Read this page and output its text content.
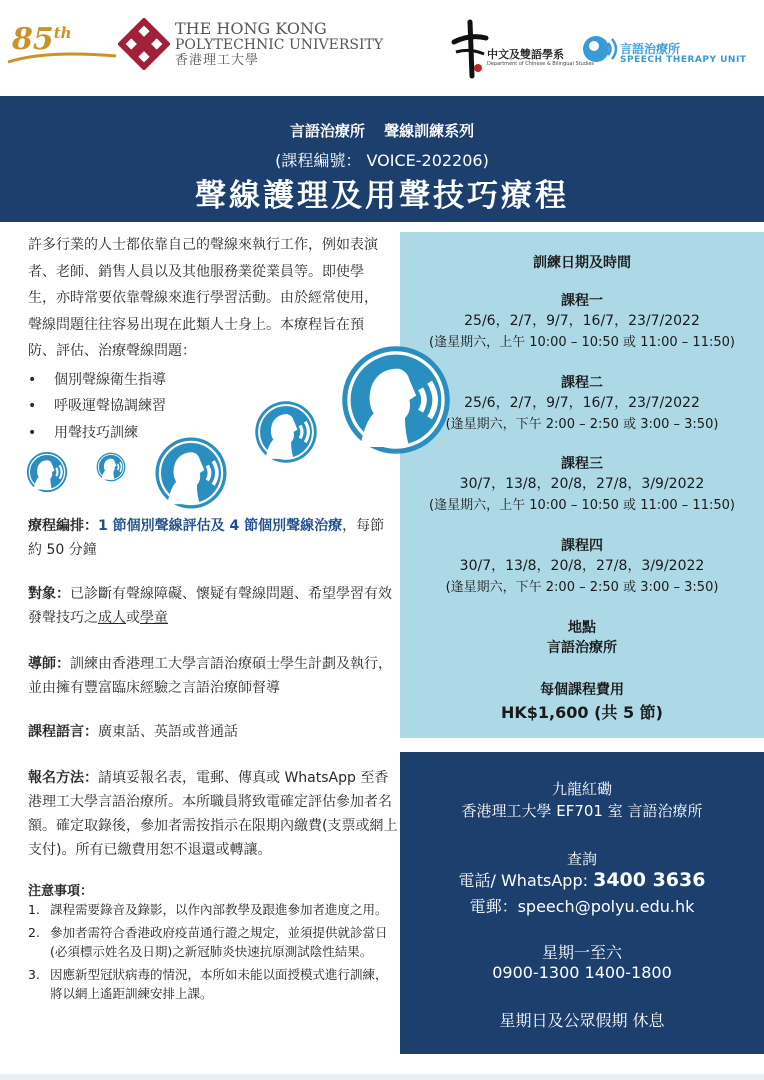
85th	THE HONG KONG
POLYTECHNIC UNIVERSITY
香港理工大學	中文及雙語學系
Department of Chinese & Bilingual Studies
言語治療所
SPEECH THERAPY UNIT
言語治療所 聲線訓練系列
(課程編號： VOICE-202206)
聲線護理及用聲技巧療程

許多行業的人士都依靠自己的聲線來執行工作，例如表演者、老師、銷售人員以及其他服務業從業員等。即使學生，亦時常要依靠聲線來進行學習活動。由於經常使用，聲線問題往往容易出現在此類人士身上。本療程旨在預防、評估、治療聲線問題：

• 個別聲線衛生指導
• 呼吸運聲協調練習
• 用聲技巧訓練
療程編排：1 節個別聲線評估及 4 節個別聲線治療，每節約 50 分鐘
對象：已診斷有聲線障礙、懷疑有聲線問題、希望學習有效發聲技巧之成人或學童
導師：訓練由香港理工大學言語治療碩士學生計劃及執行，並由擁有豐富臨床經驗之言語治療師督導
課程語言：廣東話、英語或普通話
報名方法：請填妥報名表，電郵、傳真或 WhatsApp 至香港理工大學言語治療所。本所職員將致電確定評估參加者名額。確定取錄後，參加者需按指示在限期內繳費(支票或網上支付)。所有已繳費用恕不退還或轉讓。
注意事項：
1. 課程需要錄音及錄影，以作內部教學及跟進參加者進度之用。
2. 參加者需符合香港政府疫苗通行證之規定，並須提供就診當日(必須標示姓名及日期)之新冠肺炎快速抗原測試陰性結果。
3. 因應新型冠狀病毒的情況，本所如未能以面授模式進行訓練，將以網上遙距訓練安排上課。
訓練日期及時間
課程一
25/6，2/7，9/7，16/7，23/7/2022
(逢星期六，上午 10:00 – 10:50 或 11:00 – 11:50)
課程二
25/6，2/7，9/7，16/7，23/7/2022
(逢星期六，下午 2:00 – 2:50 或 3:00 – 3:50)
課程三
30/7，13/8，20/8，27/8，3/9/2022
(逢星期六，上午 10:00 – 10:50 或 11:00 – 11:50)
課程四
30/7，13/8，20/8，27/8，3/9/2022
(逢星期六，下午 2:00 – 2:50 或 3:00 – 3:50)
地點
言語治療所
每個課程費用
HK$1,600 (共 5 節)
九龍紅磡
香港理工大學 EF701 室 言語治療所
查詢
電話/ WhatsApp: 3400 3636
電郵：speech@polyu.edu.hk
星期一至六
0900-1300 1400-1800
星期日及公眾假期 休息
